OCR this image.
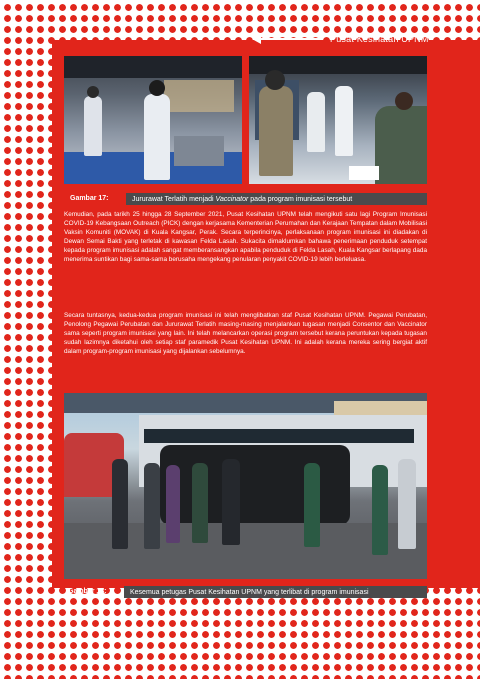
Pusat Kesihatan UPNM
Jururawat Terlatih menjadi Vaccinator pada program imunisasi tersebut
Gambar 17:

Kemudian, pada tarikh 25 hingga 28 September 2021, Pusat Kesihatan UPNM telah mengikuti satu lagi Program Imunisasi COVID-19 Kebangsaan Outreach (PICK) dengan kerjasama Kementerian Perumahan dan Kerajaan Tempatan dalam Mobilisasi Vaksin Komuniti (MOVAK) di Kuala Kangsar, Perak. Secara terperincinya, perlaksanaan program imunisasi ini diadakan di Dewan Semai Bakti yang terletak di kawasan Felda Lasah. Sukacita dimaklumkan bahawa penerimaan penduduk setempat kepada program imunisasi adalah sangat memberansangkan apabila penduduk di Felda Lasah, Kuala Kangsar berlapang dada menerima suntikan bagi sama-sama berusaha mengekang penularan penyakit COVID-19 lebih berleluasa.

Secara tuntasnya, kedua-kedua program imunisasi ini telah menglibatkan staf Pusat Kesihatan UPNM. Pegawai Perubatan, Penolong Pegawai Perubatan dan Jururawat Terlatih masing-masing menjalankan tugasan menjadi Consentor dan Vaccinator sama seperti program imunisasi yang lain. Ini telah melancarkan operasi program tersebut kerana peruntukan kepada tugasan sudah lazimnya diketahui oleh setiap staf paramedik Pusat Kesihatan UPNM. Ini adalah kerana mereka sering bergiat aktif dalam program-program imunisasi yang dijalankan sebelumnya.

Kesemua petugas Pusat Kesihatan UPNM yang terlibat di program imunisasi
Gambar 18:
